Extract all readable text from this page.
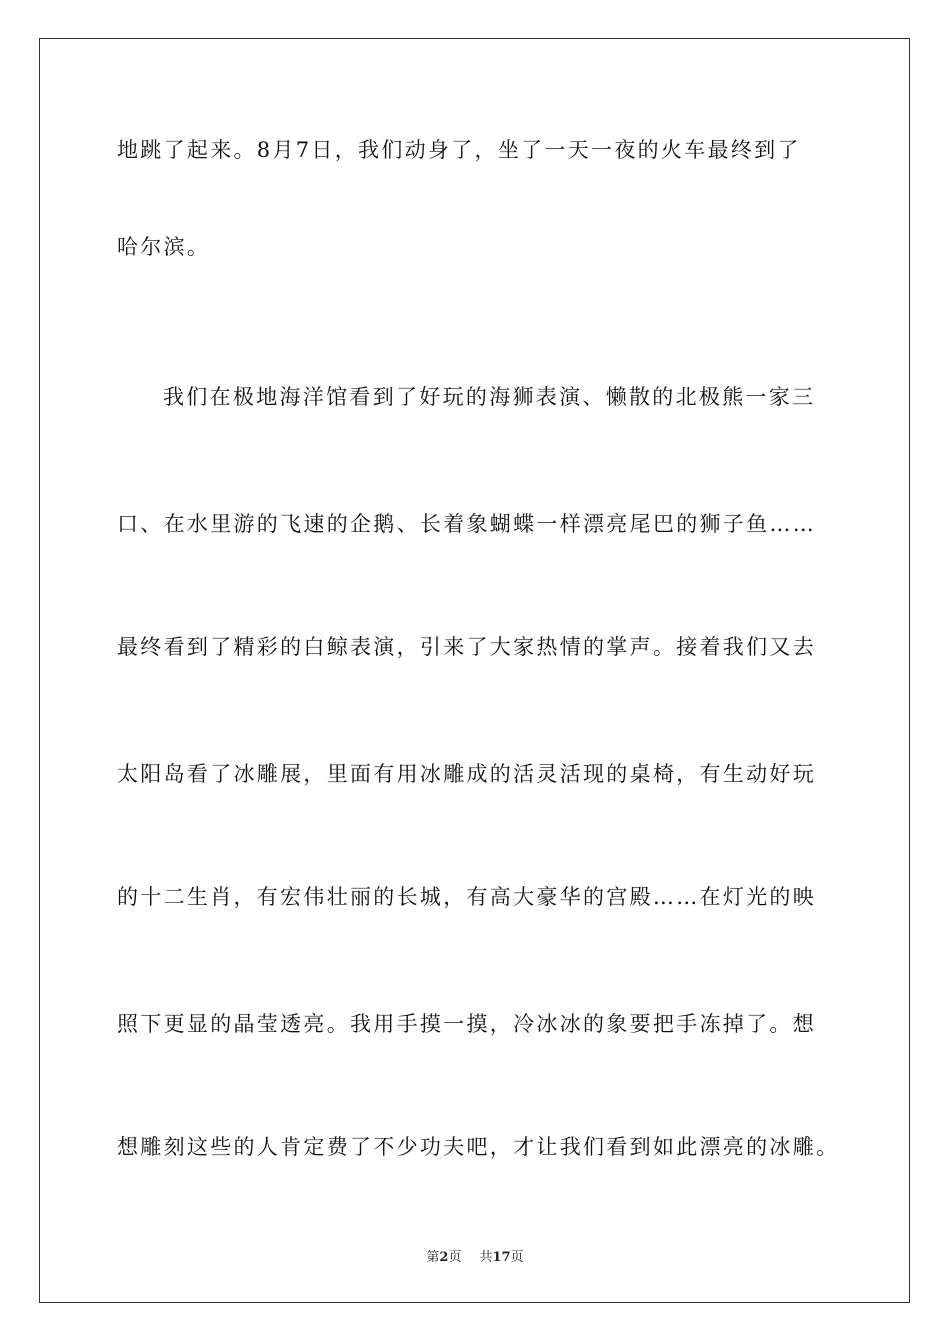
地跳了起来。8月7日，我们动身了，坐了一天一夜的火车最终到了
哈尔滨。
我们在极地海洋馆看到了好玩的海狮表演、懒散的北极熊一家三
口、在水里游的飞速的企鹅、长着象蝴蝶一样漂亮尾巴的狮子鱼……
最终看到了精彩的白鲸表演，引来了大家热情的掌声。接着我们又去
太阳岛看了冰雕展，里面有用冰雕成的活灵活现的桌椅，有生动好玩
的十二生肖，有宏伟壮丽的长城，有高大豪华的宫殿……在灯光的映
照下更显的晶莹透亮。我用手摸一摸，冷冰冰的象要把手冻掉了。想
想雕刻这些的人肯定费了不少功夫吧，才让我们看到如此漂亮的冰雕。
第2页 共17页
